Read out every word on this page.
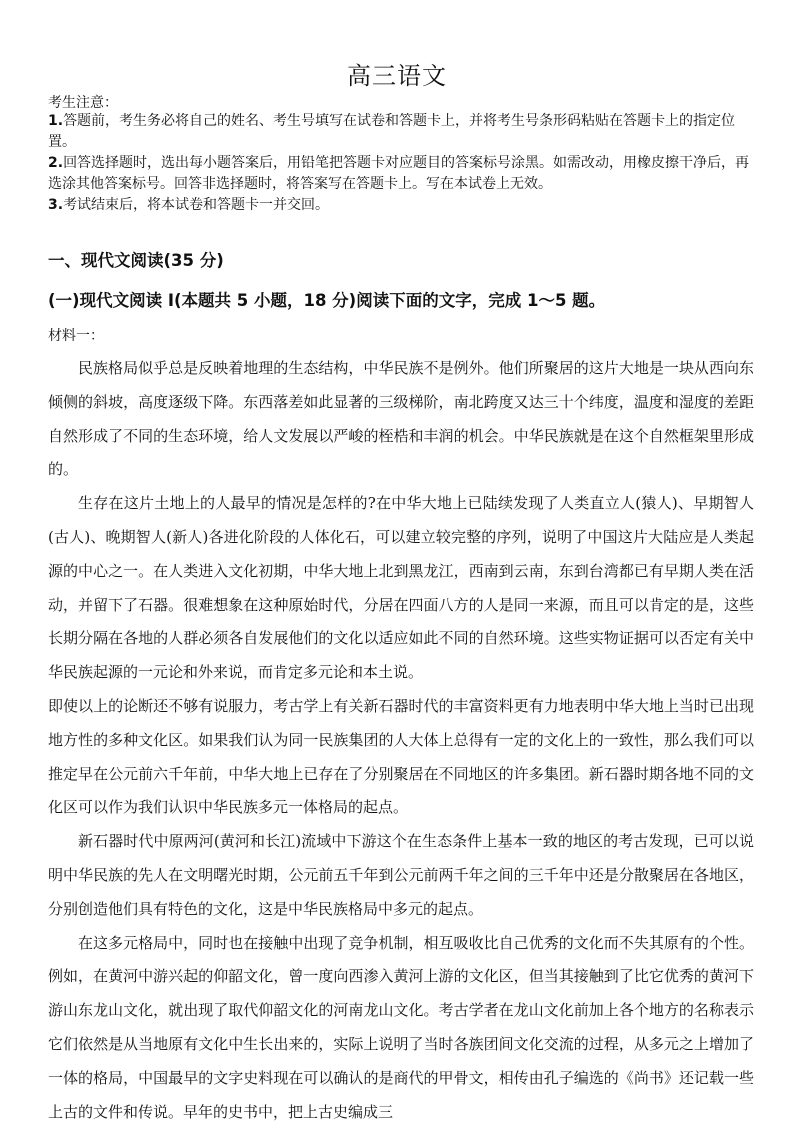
高三语文
考生注意：
1.答题前，考生务必将自己的姓名、考生号填写在试卷和答题卡上，并将考生号条形码粘贴在答题卡上的指定位置。
2.回答选择题时，选出每小题答案后，用铅笔把答题卡对应题目的答案标号涂黑。如需改动，用橡皮擦干净后，再选涂其他答案标号。回答非选择题时，将答案写在答题卡上。写在本试卷上无效。
3.考试结束后，将本试卷和答题卡一并交回。
一、现代文阅读(35 分)
(一)现代文阅读 I(本题共 5 小题，18 分)阅读下面的文字，完成 1～5 题。
材料一：

民族格局似乎总是反映着地理的生态结构，中华民族不是例外。他们所聚居的这片大地是一块从西向东倾侧的斜坡，高度逐级下降。东西落差如此显著的三级梯阶，南北跨度又达三十个纬度，温度和湿度的差距自然形成了不同的生态环境，给人文发展以严峻的桎梏和丰润的机会。中华民族就是在这个自然框架里形成的。

生存在这片土地上的人最早的情况是怎样的?在中华大地上已陆续发现了人类直立人(猿人)、早期智人(古人)、晚期智人(新人)各进化阶段的人体化石，可以建立较完整的序列，说明了中国这片大陆应是人类起源的中心之一。在人类进入文化初期，中华大地上北到黑龙江，西南到云南，东到台湾都已有早期人类在活动，并留下了石器。很难想象在这种原始时代，分居在四面八方的人是同一来源，而且可以肯定的是，这些长期分隔在各地的人群必须各自发展他们的文化以适应如此不同的自然环境。这些实物证据可以否定有关中华民族起源的一元论和外来说，而肯定多元论和本土说。

即使以上的论断还不够有说服力，考古学上有关新石器时代的丰富资料更有力地表明中华大地上当时已出现地方性的多种文化区。如果我们认为同一民族集团的人大体上总得有一定的文化上的一致性，那么我们可以推定早在公元前六千年前，中华大地上已存在了分别聚居在不同地区的许多集团。新石器时期各地不同的文化区可以作为我们认识中华民族多元一体格局的起点。

新石器时代中原两河(黄河和长江)流域中下游这个在生态条件上基本一致的地区的考古发现，已可以说明中华民族的先人在文明曙光时期，公元前五千年到公元前两千年之间的三千年中还是分散聚居在各地区，分别创造他们具有特色的文化，这是中华民族格局中多元的起点。

在这多元格局中，同时也在接触中出现了竞争机制，相互吸收比自己优秀的文化而不失其原有的个性。例如，在黄河中游兴起的仰韶文化，曾一度向西渗入黄河上游的文化区，但当其接触到了比它优秀的黄河下游山东龙山文化，就出现了取代仰韶文化的河南龙山文化。考古学者在龙山文化前加上各个地方的名称表示它们依然是从当地原有文化中生长出来的，实际上说明了当时各族团间文化交流的过程，从多元之上增加了一体的格局，中国最早的文字史料现在可以确认的是商代的甲骨文，相传由孔子编选的《尚书》还记载一些上古的文件和传说。早年的史书中，把上古史编成三
